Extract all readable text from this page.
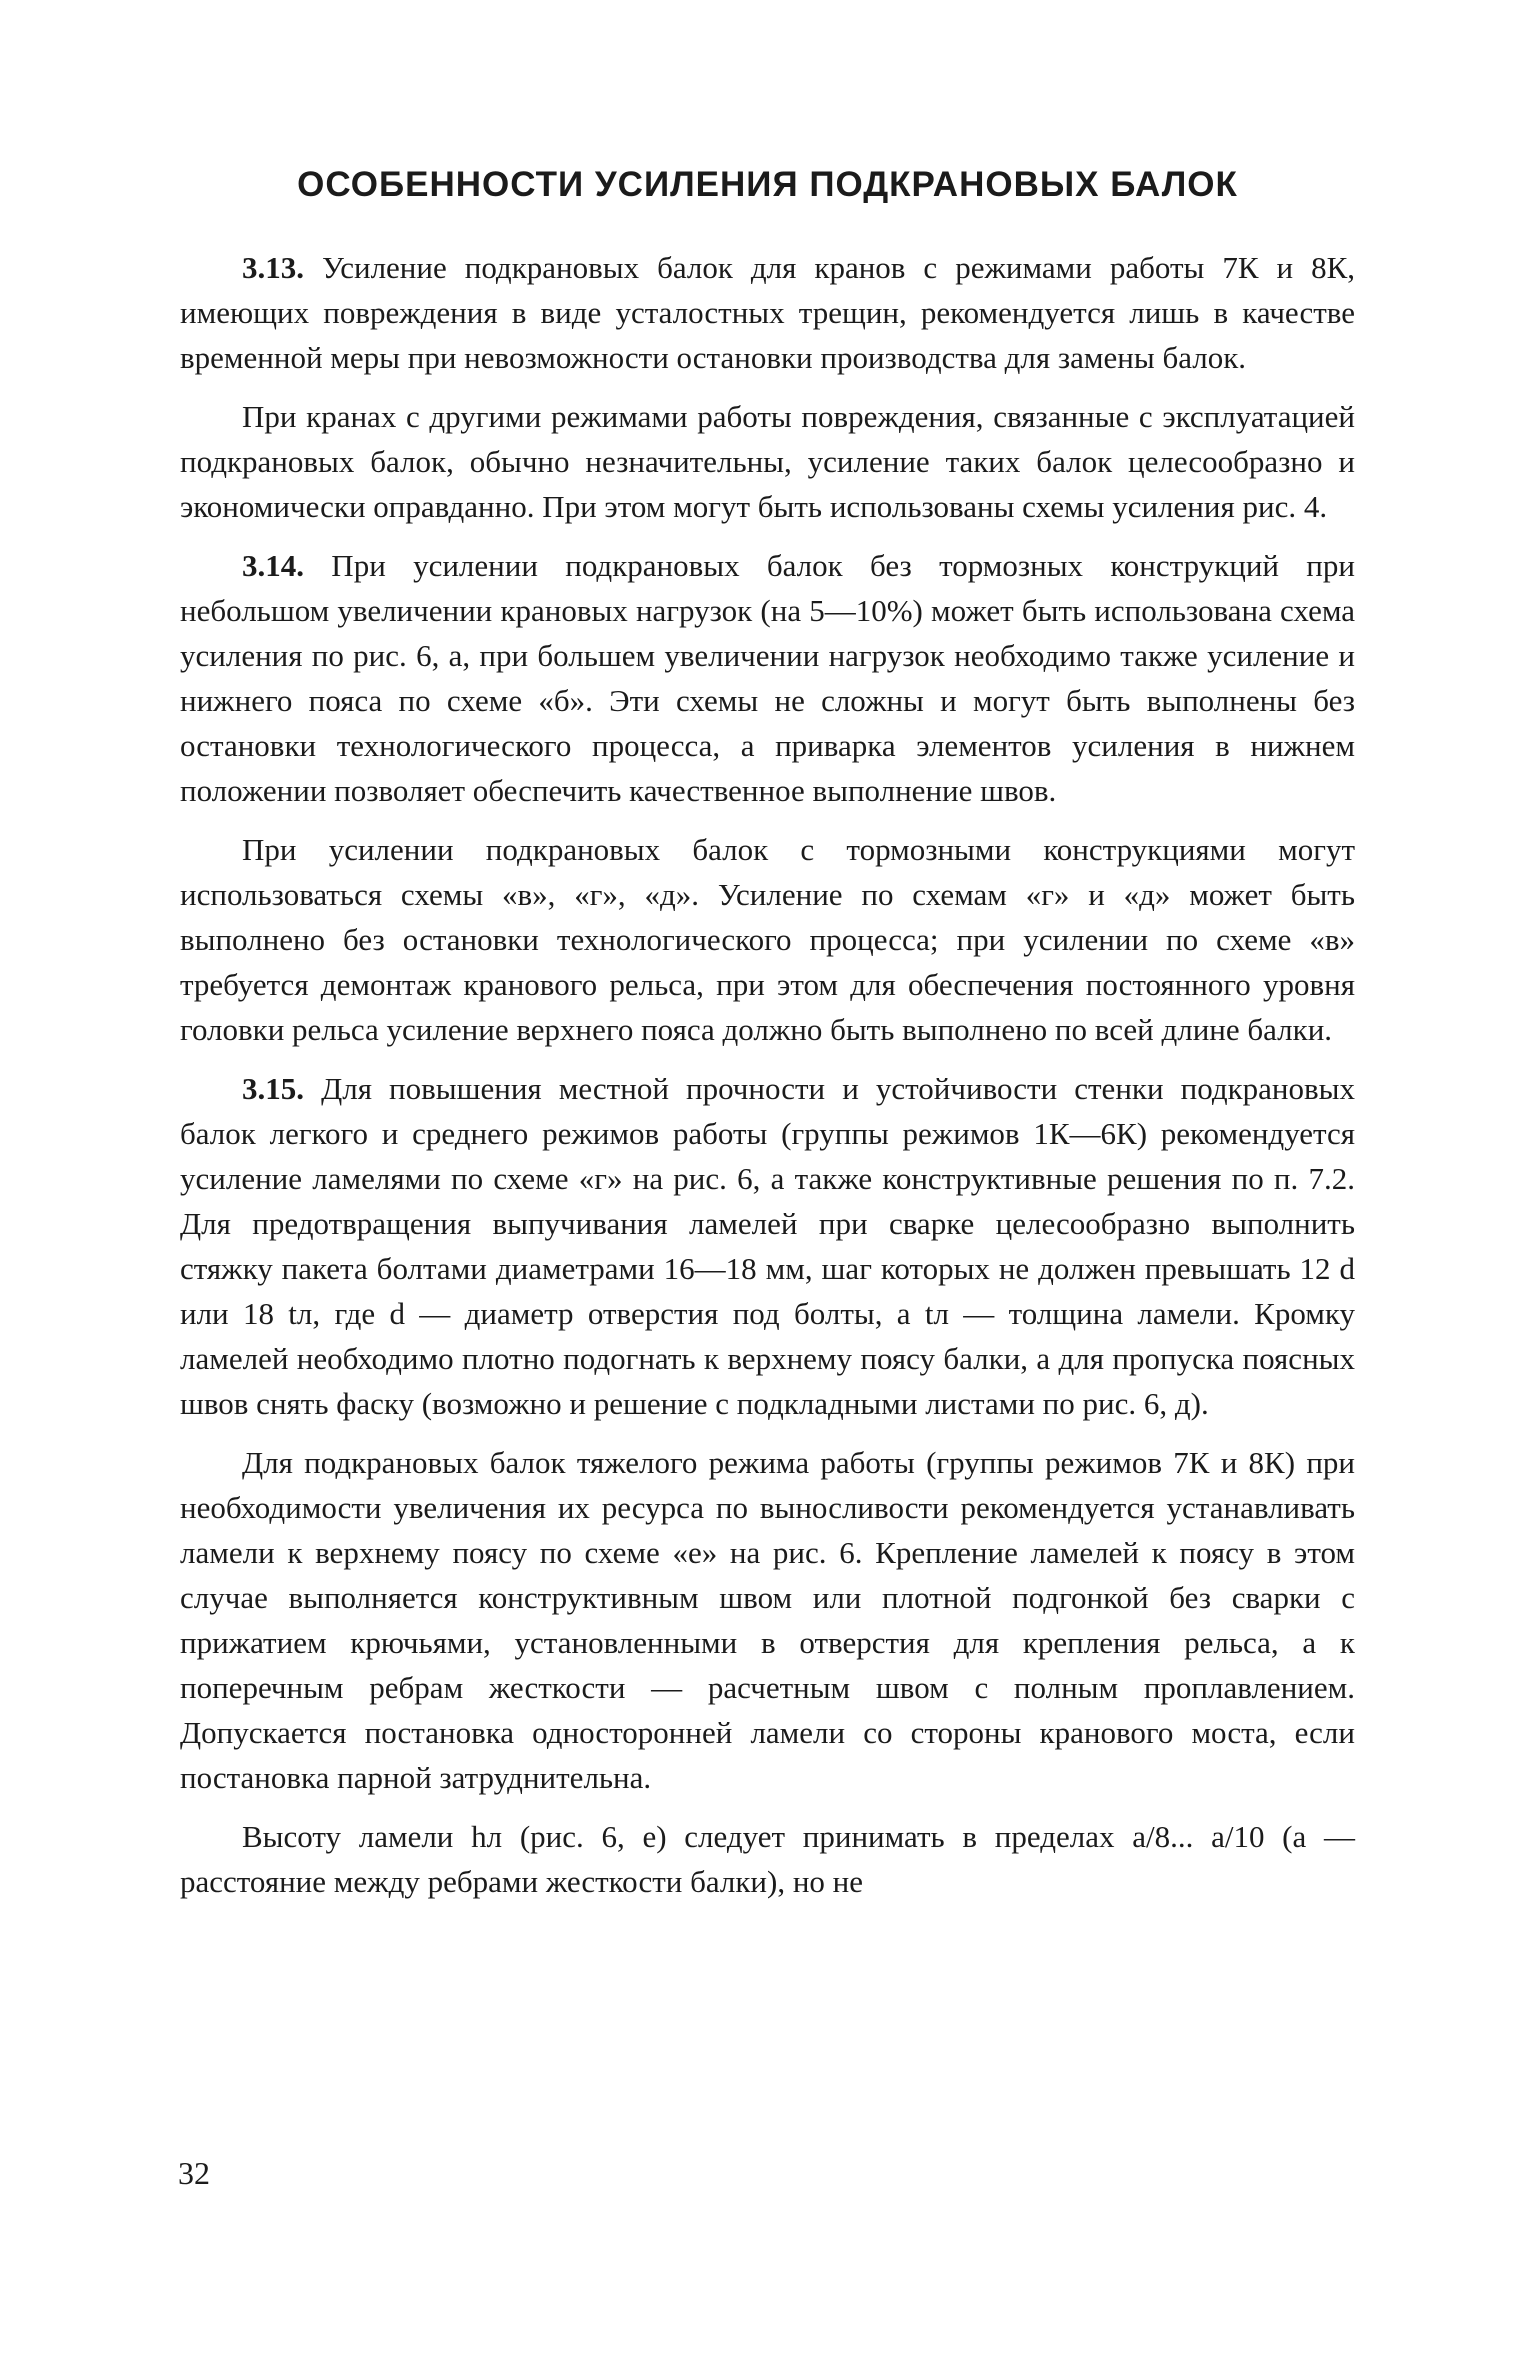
ОСОБЕННОСТИ УСИЛЕНИЯ ПОДКРАНОВЫХ БАЛОК

3.13. Усиление подкрановых балок для кранов с режимами работы 7К и 8К, имеющих повреждения в виде усталостных трещин, рекомендуется лишь в качестве временной меры при невозможности остановки производства для замены балок.

При кранах с другими режимами работы повреждения, связанные с эксплуатацией подкрановых балок, обычно незначительны, усиление таких балок целесообразно и экономически оправданно. При этом могут быть использованы схемы усиления рис. 4.

3.14. При усилении подкрановых балок без тормозных конструкций при небольшом увеличении крановых нагрузок (на 5—10%) может быть использована схема усиления по рис. 6, а, при большем увеличении нагрузок необходимо также усиление и нижнего пояса по схеме «б». Эти схемы не сложны и могут быть выполнены без остановки технологического процесса, а приварка элементов усиления в нижнем положении позволяет обеспечить качественное выполнение швов.

При усилении подкрановых балок с тормозными конструкциями могут использоваться схемы «в», «г», «д». Усиление по схемам «г» и «д» может быть выполнено без остановки технологического процесса; при усилении по схеме «в» требуется демонтаж кранового рельса, при этом для обеспечения постоянного уровня головки рельса усиление верхнего пояса должно быть выполнено по всей длине балки.

3.15. Для повышения местной прочности и устойчивости стенки подкрановых балок легкого и среднего режимов работы (группы режимов 1К—6К) рекомендуется усиление ламелями по схеме «г» на рис. 6, а также конструктивные решения по п. 7.2. Для предотвращения выпучивания ламелей при сварке целесообразно выполнить стяжку пакета болтами диаметрами 16—18 мм, шаг которых не должен превышать 12 d или 18 tл, где d — диаметр отверстия под болты, а tл — толщина ламели. Кромку ламелей необходимо плотно подогнать к верхнему поясу балки, а для пропуска поясных швов снять фаску (возможно и решение с подкладными листами по рис. 6, д).

Для подкрановых балок тяжелого режима работы (группы режимов 7К и 8К) при необходимости увеличения их ресурса по выносливости рекомендуется устанавливать ламели к верхнему поясу по схеме «е» на рис. 6. Крепление ламелей к поясу в этом случае выполняется конструктивным швом или плотной подгонкой без сварки с прижатием крючьями, установленными в отверстия для крепления рельса, а к поперечным ребрам жесткости — расчетным швом с полным проплавлением. Допускается постановка односторонней ламели со стороны кранового моста, если постановка парной затруднительна.

Высоту ламели hл (рис. 6, е) следует принимать в пределах a/8... a/10 (a — расстояние между ребрами жесткости балки), но не

32
